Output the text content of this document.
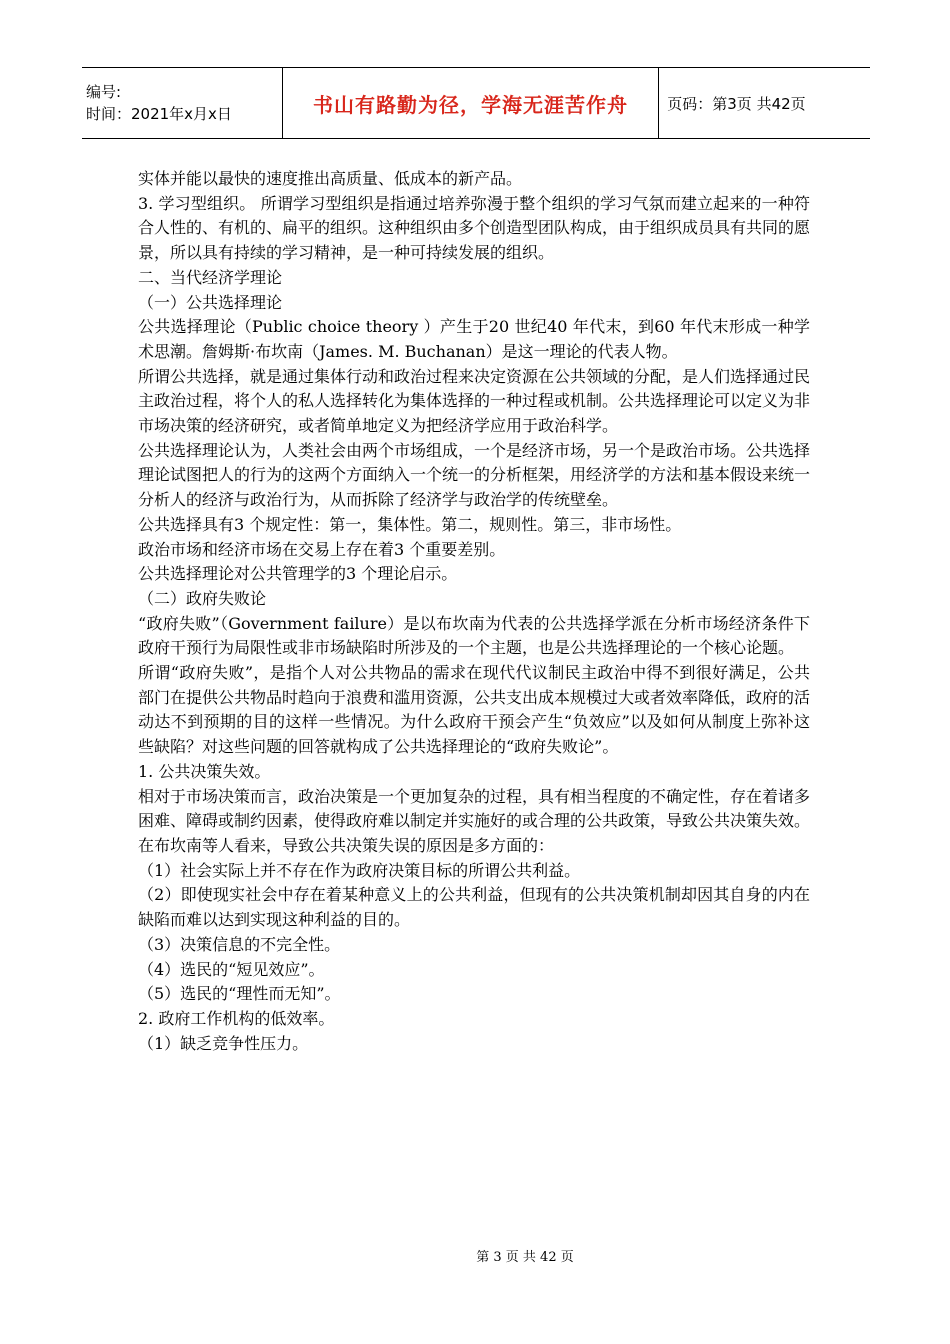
编号:
时间：2021年x月x日	书山有路勤为径，学海无涯苦作舟	页码：第3页 共42页

实体并能以最快的速度推出高质量、低成本的新产品。

3. 学习型组织。 所谓学习型组织是指通过培养弥漫于整个组织的学习气氛而建立起来的一种符合人性的、有机的、扁平的组织。这种组织由多个创造型团队构成，由于组织成员具有共同的愿景，所以具有持续的学习精神，是一种可持续发展的组织。

二、当代经济学理论

（一）公共选择理论

公共选择理论（Public choice theory ）产生于20 世纪40 年代末，到60 年代末形成一种学术思潮。詹姆斯·布坎南（James. M. Buchanan）是这一理论的代表人物。

所谓公共选择，就是通过集体行动和政治过程来决定资源在公共领域的分配，是人们选择通过民主政治过程，将个人的私人选择转化为集体选择的一种过程或机制。公共选择理论可以定义为非市场决策的经济研究，或者简单地定义为把经济学应用于政治科学。

公共选择理论认为，人类社会由两个市场组成，一个是经济市场，另一个是政治市场。公共选择理论试图把人的行为的这两个方面纳入一个统一的分析框架，用经济学的方法和基本假设来统一分析人的经济与政治行为，从而拆除了经济学与政治学的传统壁垒。

公共选择具有3 个规定性：第一，集体性。第二，规则性。第三，非市场性。

政治市场和经济市场在交易上存在着3 个重要差别。

公共选择理论对公共管理学的3 个理论启示。

（二）政府失败论

“政府失败”（Government failure）是以布坎南为代表的公共选择学派在分析市场经济条件下政府干预行为局限性或非市场缺陷时所涉及的一个主题，也是公共选择理论的一个核心论题。

所谓“政府失败”，是指个人对公共物品的需求在现代代议制民主政治中得不到很好满足，公共部门在提供公共物品时趋向于浪费和滥用资源，公共支出成本规模过大或者效率降低，政府的活动达不到预期的目的这样一些情况。为什么政府干预会产生“负效应”以及如何从制度上弥补这些缺陷？对这些问题的回答就构成了公共选择理论的“政府失败论”。

1. 公共决策失效。

相对于市场决策而言，政治决策是一个更加复杂的过程，具有相当程度的不确定性，存在着诸多困难、障碍或制约因素，使得政府难以制定并实施好的或合理的公共政策，导致公共决策失效。

在布坎南等人看来，导致公共决策失误的原因是多方面的：

（1）社会实际上并不存在作为政府决策目标的所谓公共利益。

（2）即使现实社会中存在着某种意义上的公共利益，但现有的公共决策机制却因其自身的内在缺陷而难以达到实现这种利益的目的。

（3）决策信息的不完全性。

（4）选民的“短见效应”。

（5）选民的“理性而无知”。

2. 政府工作机构的低效率。

（1）缺乏竞争性压力。

第 3 页 共 42 页
